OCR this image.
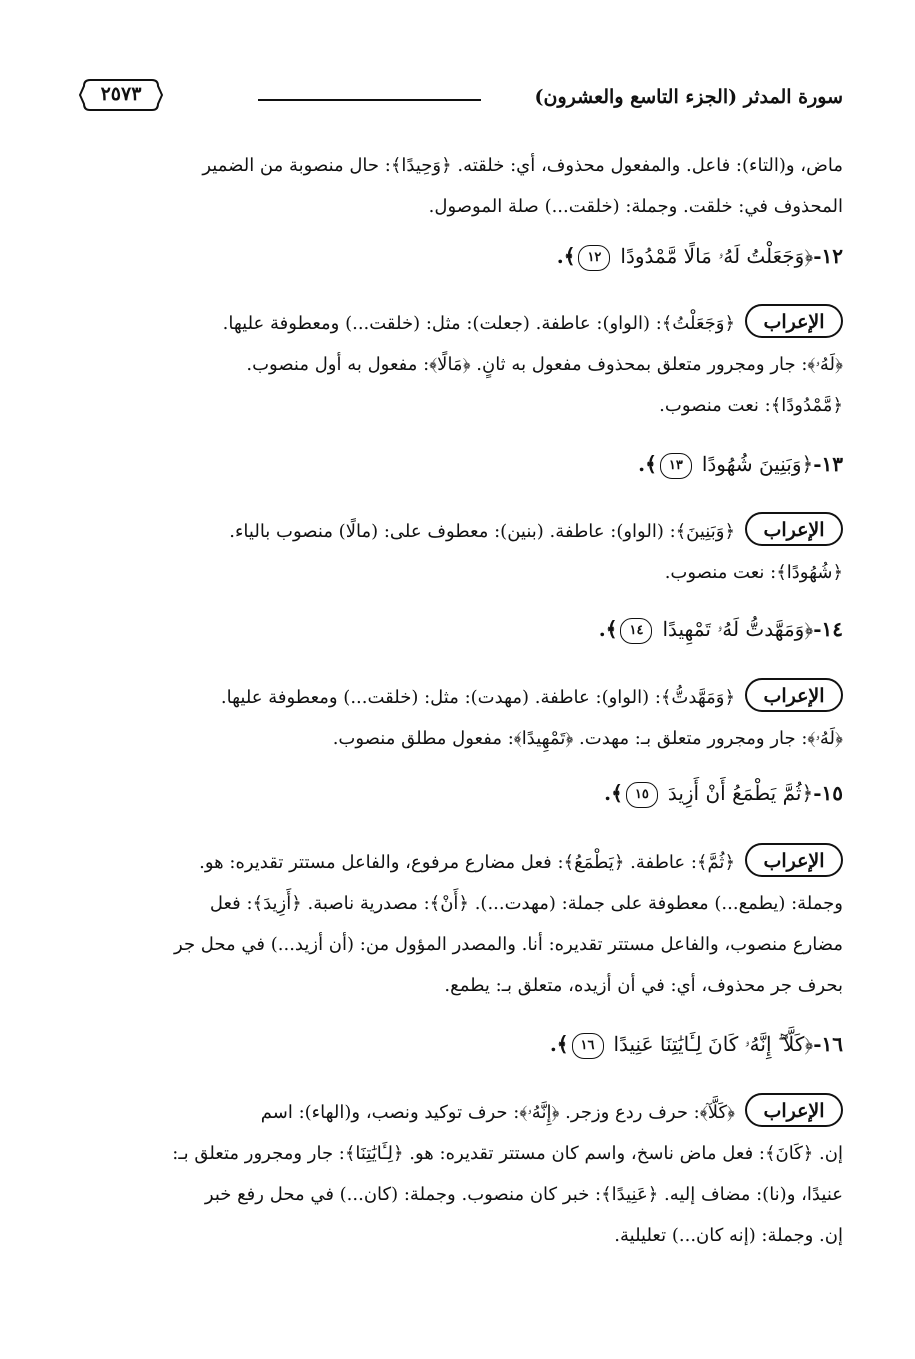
سورة المدثر (الجزء التاسع والعشرون)
٢٥٧٣
ماض، و(التاء): فاعل. والمفعول محذوف، أي: خلقته. ﴿وَحِيدًا﴾: حال منصوبة من الضمير
المحذوف في: خلقت. وجملة: (خلقت...) صلة الموصول.
١٢-﴿وَجَعَلْتُ لَهُۥ مَالًا مَّمْدُودًا ١٢﴾.
الإعراب
﴿وَجَعَلْتُ﴾: (الواو): عاطفة. (جعلت): مثل: (خلقت...) ومعطوفة عليها.
﴿لَهُۥ﴾: جار ومجرور متعلق بمحذوف مفعول به ثانٍ. ﴿مَالًا﴾: مفعول به أول منصوب.
﴿مَّمْدُودًا﴾: نعت منصوب.
١٣-﴿وَبَنِينَ شُهُودًا ١٣﴾.
الإعراب
﴿وَبَنِينَ﴾: (الواو): عاطفة. (بنين): معطوف على: (مالًا) منصوب بالياء.
﴿شُهُودًا﴾: نعت منصوب.
١٤-﴿وَمَهَّدتُّ لَهُۥ تَمْهِيدًا ١٤﴾.
الإعراب
﴿وَمَهَّدتُّ﴾: (الواو): عاطفة. (مهدت): مثل: (خلقت...) ومعطوفة عليها.
﴿لَهُۥ﴾: جار ومجرور متعلق بـ: مهدت. ﴿تَمْهِيدًا﴾: مفعول مطلق منصوب.
١٥-﴿ثُمَّ يَطْمَعُ أَنْ أَزِيدَ ١٥﴾.
الإعراب
﴿ثُمَّ﴾: عاطفة. ﴿يَطْمَعُ﴾: فعل مضارع مرفوع، والفاعل مستتر تقديره: هو.
وجملة: (يطمع...) معطوفة على جملة: (مهدت...). ﴿أَنْ﴾: مصدرية ناصبة. ﴿أَزِيدَ﴾: فعل
مضارع منصوب، والفاعل مستتر تقديره: أنا. والمصدر المؤول من: (أن أزيد...) في محل جر
بحرف جر محذوف، أي: في أن أزيده، متعلق بـ: يطمع.
١٦-﴿كَلَّآ ۖ إِنَّهُۥ كَانَ لِـَٔايَٰتِنَا عَنِيدًا ١٦﴾.
الإعراب
﴿كَلَّآ﴾: حرف ردع وزجر. ﴿إِنَّهُۥ﴾: حرف توكيد ونصب، و(الهاء): اسم
إن. ﴿كَانَ﴾: فعل ماض ناسخ، واسم كان مستتر تقديره: هو. ﴿لِـَٔايَٰتِنَا﴾: جار ومجرور متعلق بـ:
عنيدًا، و(نا): مضاف إليه. ﴿عَنِيدًا﴾: خبر كان منصوب. وجملة: (كان...) في محل رفع خبر
إن. وجملة: (إنه كان...) تعليلية.
